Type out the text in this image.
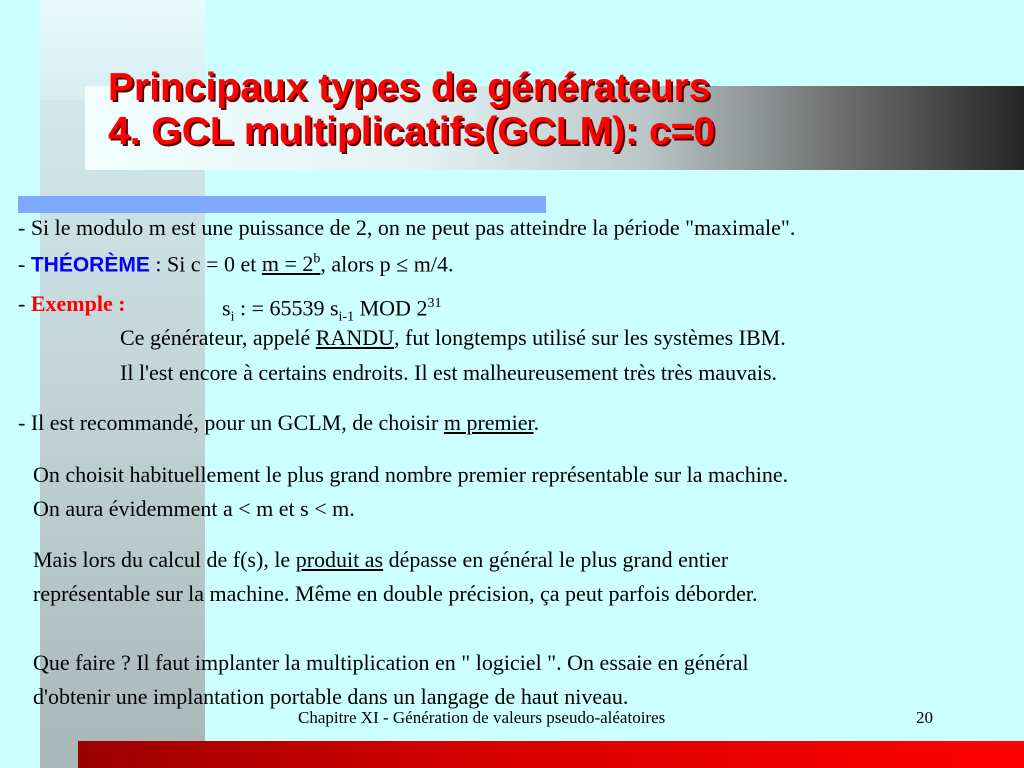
Principaux types de générateurs
4. GCL multiplicatifs(GCLM): c=0
- Si le modulo m est une puissance de 2, on ne peut pas atteindre la période "maximale".
- THÉORÈME : Si c = 0 et $m = 2^b$, alors p ≤ m/4.
- Exemple :	$s_i$ : = 65539 $s_{i-1}$ MOD $2^{31}$
Ce générateur, appelé RANDU, fut longtemps utilisé sur les systèmes IBM.
Il l'est encore à certains endroits. Il est malheureusement très très mauvais.
- Il est recommandé, pour un GCLM, de choisir m premier.
On choisit habituellement le plus grand nombre premier représentable sur la machine.
On aura évidemment a < m et s < m.
Mais lors du calcul de f(s), le produit as dépasse en général le plus grand entier
représentable sur la machine. Même en double précision, ça peut parfois déborder.
Que faire ? Il faut implanter la multiplication en " logiciel ". On essaie en général
d'obtenir une implantation portable dans un langage de haut niveau.
Chapitre XI - Génération de valeurs pseudo-aléatoires	20
